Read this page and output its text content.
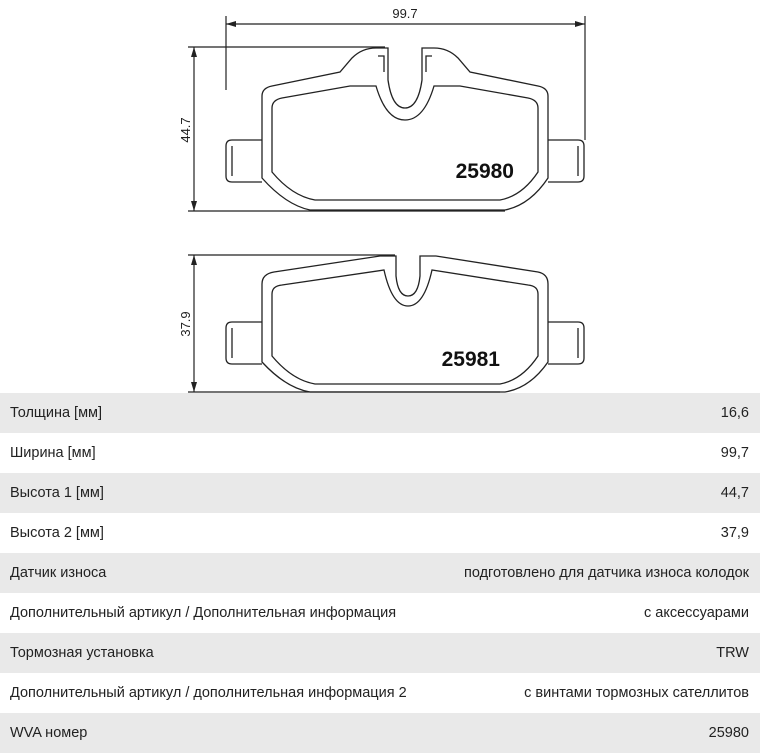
99.7
44.7
37.9
25980
25981
Толщина [мм]	16,6
Ширина [мм]	99,7
Высота 1 [мм]	44,7
Высота 2 [мм]	37,9
Датчик износа	подготовлено для датчика износа колодок
Дополнительный артикул / Дополнительная информация	с аксессуарами
Тормозная установка	TRW
Дополнительный артикул / дополнительная информация 2	с винтами тормозных сателлитов
WVA номер	25980
